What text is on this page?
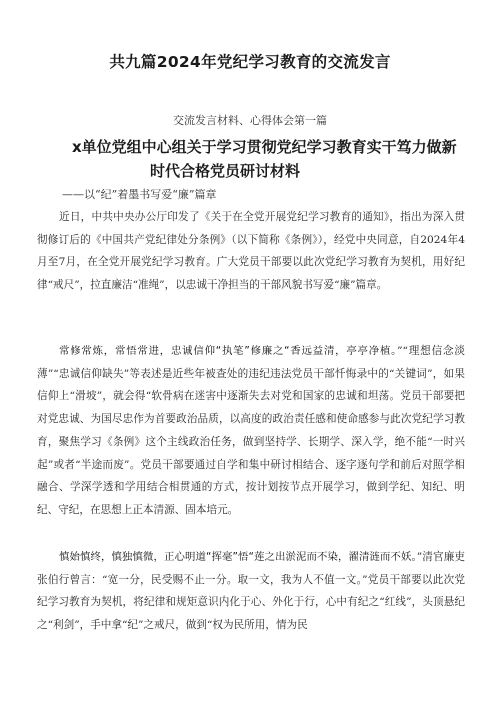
共九篇2024年党纪学习教育的交流发言
交流发言材料、心得体会第一篇
x单位党组中心组关于学习贯彻党纪学习教育实干笃力做新
时代合格党员研讨材料
——以“纪”着墨书写爱“廉”篇章
近日，中共中央办公厅印发了《关于在全党开展党纪学习教育的通知》，指出为深入贯彻修订后的《中国共产党纪律处分条例》（以下简称《条例》），经党中央同意，自2024年4月至7月，在全党开展党纪学习教育。广大党员干部要以此次党纪学习教育为契机，用好纪律“戒尺”，拉直廉洁“准绳”，以忠诚干净担当的干部风貌书写爱“廉”篇章。
常修常炼，常悟常进，忠诚信仰“执笔”修廉之“香远益清，亭亭净植。”“理想信念淡薄”“忠诚信仰缺失”等表述是近些年被查处的违纪违法党员干部忏悔录中的“关键词”，如果信仰上“滑坡”，就会得“软骨病在迷害中逐渐失去对党和国家的忠诚和坦荡。党员干部要把对党忠诚、为国尽忠作为首要政治品质，以高度的政治责任感和使命感参与此次党纪学习教育，聚焦学习《条例》这个主线政治任务，做到坚持学、长期学、深入学，绝不能“一时兴起”或者“半途而废”。党员干部要通过自学和集中研讨相结合、逐字逐句学和前后对照学相融合、学深学透和学用结合相贯通的方式，按计划按节点开展学习，做到学纪、知纪、明纪、守纪，在思想上正本清源、固本培元。
慎始慎终，慎独慎微，正心明道“挥毫”悟“莲之出淤泥而不染，濯清涟而不妖。”清官廉吏张伯行曾言：“宽一分，民受赐不止一分。取一文，我为人不值一文。”党员干部要以此次党纪学习教育为契机，将纪律和规矩意识内化于心、外化于行，心中有纪之“红线”，头顶悬纪之“利剑”，手中拿“纪”之戒尺，做到“权为民所用，情为民
